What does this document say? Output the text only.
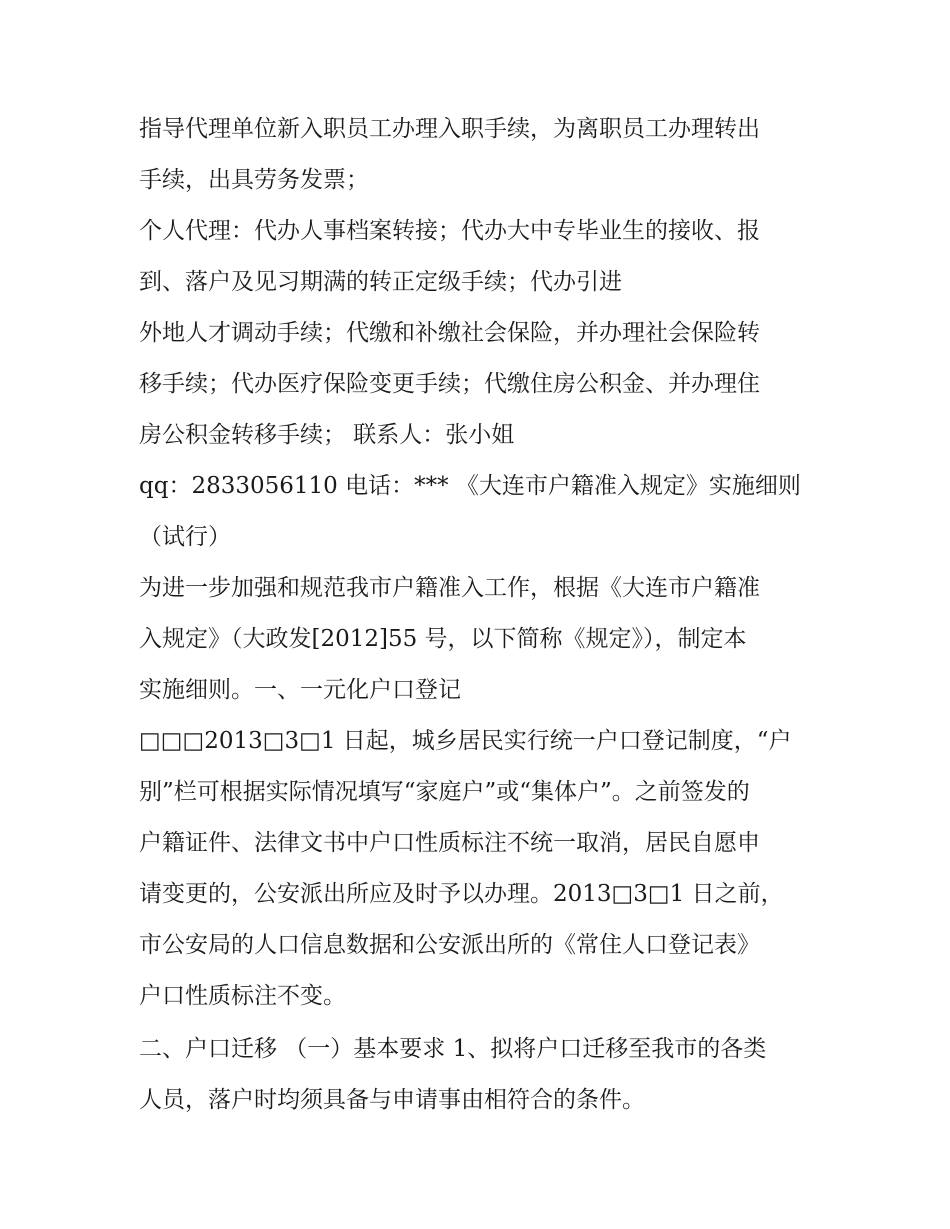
指导代理单位新入职员工办理入职手续，为离职员工办理转出
手续，出具劳务发票；
个人代理：代办人事档案转接；代办大中专毕业生的接收、报
到、落户及见习期满的转正定级手续；代办引进
外地人才调动手续；代缴和补缴社会保险，并办理社会保险转
移手续；代办医疗保险变更手续；代缴住房公积金、并办理住
房公积金转移手续； 联系人：张小姐
qq：2833056110 电话：*** 《大连市户籍准入规定》实施细则
（试行）
为进一步加强和规范我市户籍准入工作，根据《大连市户籍准
入规定》（大政发[2012]55 号，以下简称《规定》），制定本
实施细则。一、一元化户口登记
□□□2013□3□1 日起，城乡居民实行统一户口登记制度，“户
别”栏可根据实际情况填写“家庭户”或“集体户”。之前签发的
户籍证件、法律文书中户口性质标注不统一取消，居民自愿申
请变更的，公安派出所应及时予以办理。2013□3□1 日之前，
市公安局的人口信息数据和公安派出所的《常住人口登记表》
户口性质标注不变。
二、户口迁移 （一）基本要求 1、拟将户口迁移至我市的各类
人员，落户时均须具备与申请事由相符合的条件。
